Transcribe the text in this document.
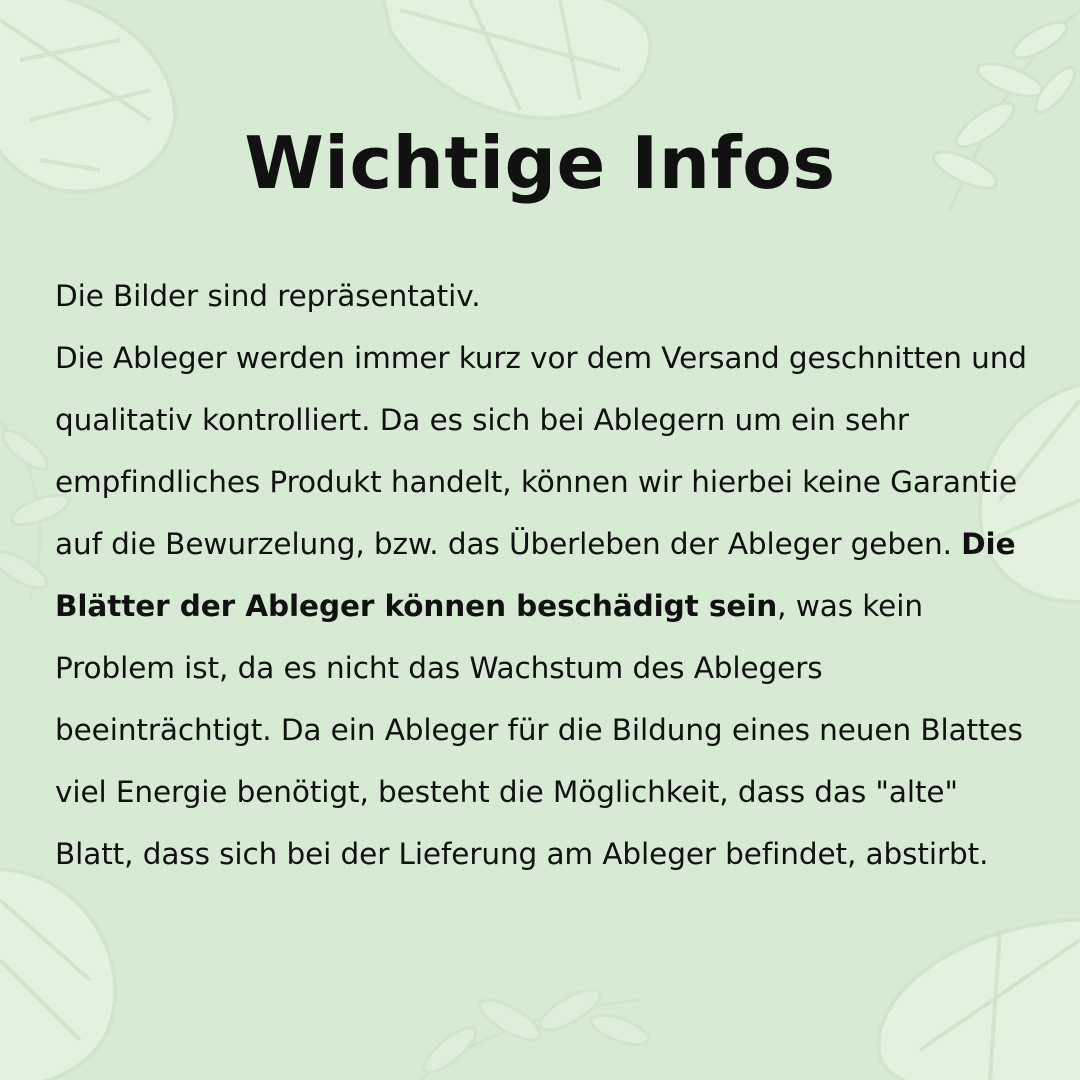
Wichtige Infos

Die Bilder sind repräsentativ.
Die Ableger werden immer kurz vor dem Versand geschnitten und qualitativ kontrolliert. Da es sich bei Ablegern um ein sehr empfindliches Produkt handelt, können wir hierbei keine Garantie auf die Bewurzelung, bzw. das Überleben der Ableger geben. Die Blätter der Ableger können beschädigt sein, was kein Problem ist, da es nicht das Wachstum des Ablegers beeinträchtigt. Da ein Ableger für die Bildung eines neuen Blattes viel Energie benötigt, besteht die Möglichkeit, dass das "alte" Blatt, dass sich bei der Lieferung am Ableger befindet, abstirbt.
